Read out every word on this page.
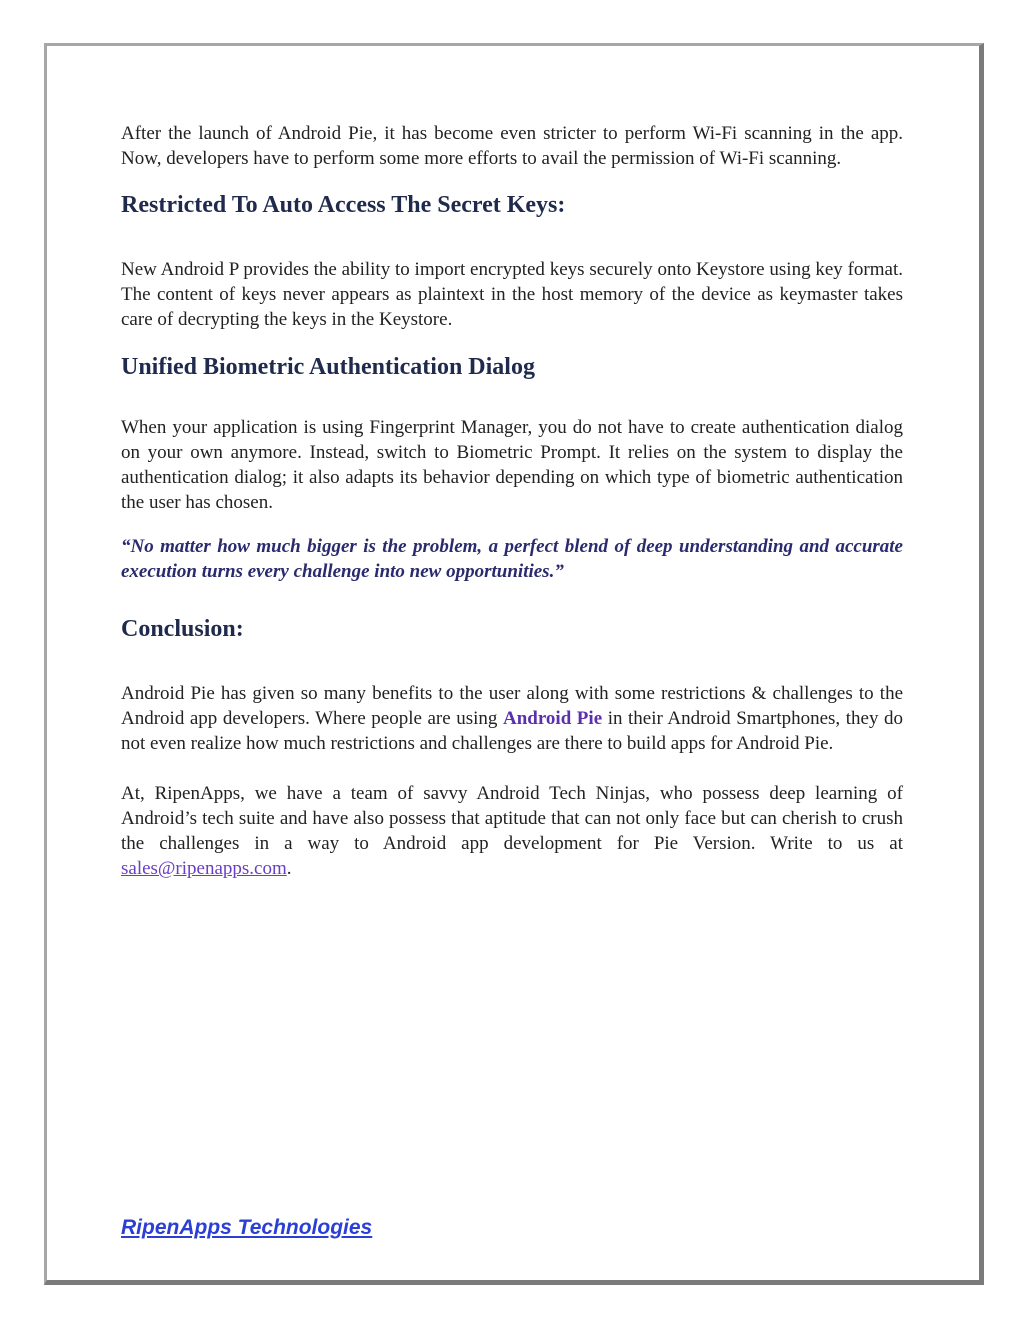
After the launch of Android Pie, it has become even stricter to perform Wi-Fi scanning in the app. Now, developers have to perform some more efforts to avail the permission of Wi-Fi scanning.

Restricted To Auto Access The Secret Keys:

New Android P provides the ability to import encrypted keys securely onto Keystore using key format. The content of keys never appears as plaintext in the host memory of the device as keymaster takes care of decrypting the keys in the Keystore.

Unified Biometric Authentication Dialog

When your application is using Fingerprint Manager, you do not have to create authentication dialog on your own anymore. Instead, switch to Biometric Prompt. It relies on the system to display the authentication dialog; it also adapts its behavior depending on which type of biometric authentication the user has chosen.

“No matter how much bigger is the problem, a perfect blend of deep understanding and accurate execution turns every challenge into new opportunities.”

Conclusion:

Android Pie has given so many benefits to the user along with some restrictions & challenges to the Android app developers. Where people are using Android Pie in their Android Smartphones, they do not even realize how much restrictions and challenges are there to build apps for Android Pie.

At, RipenApps, we have a team of savvy Android Tech Ninjas, who possess deep learning of Android’s tech suite and have also possess that aptitude that can not only face but can cherish to crush the challenges in a way to Android app development for Pie Version. Write to us at sales@ripenapps.com.

RipenApps Technologies
